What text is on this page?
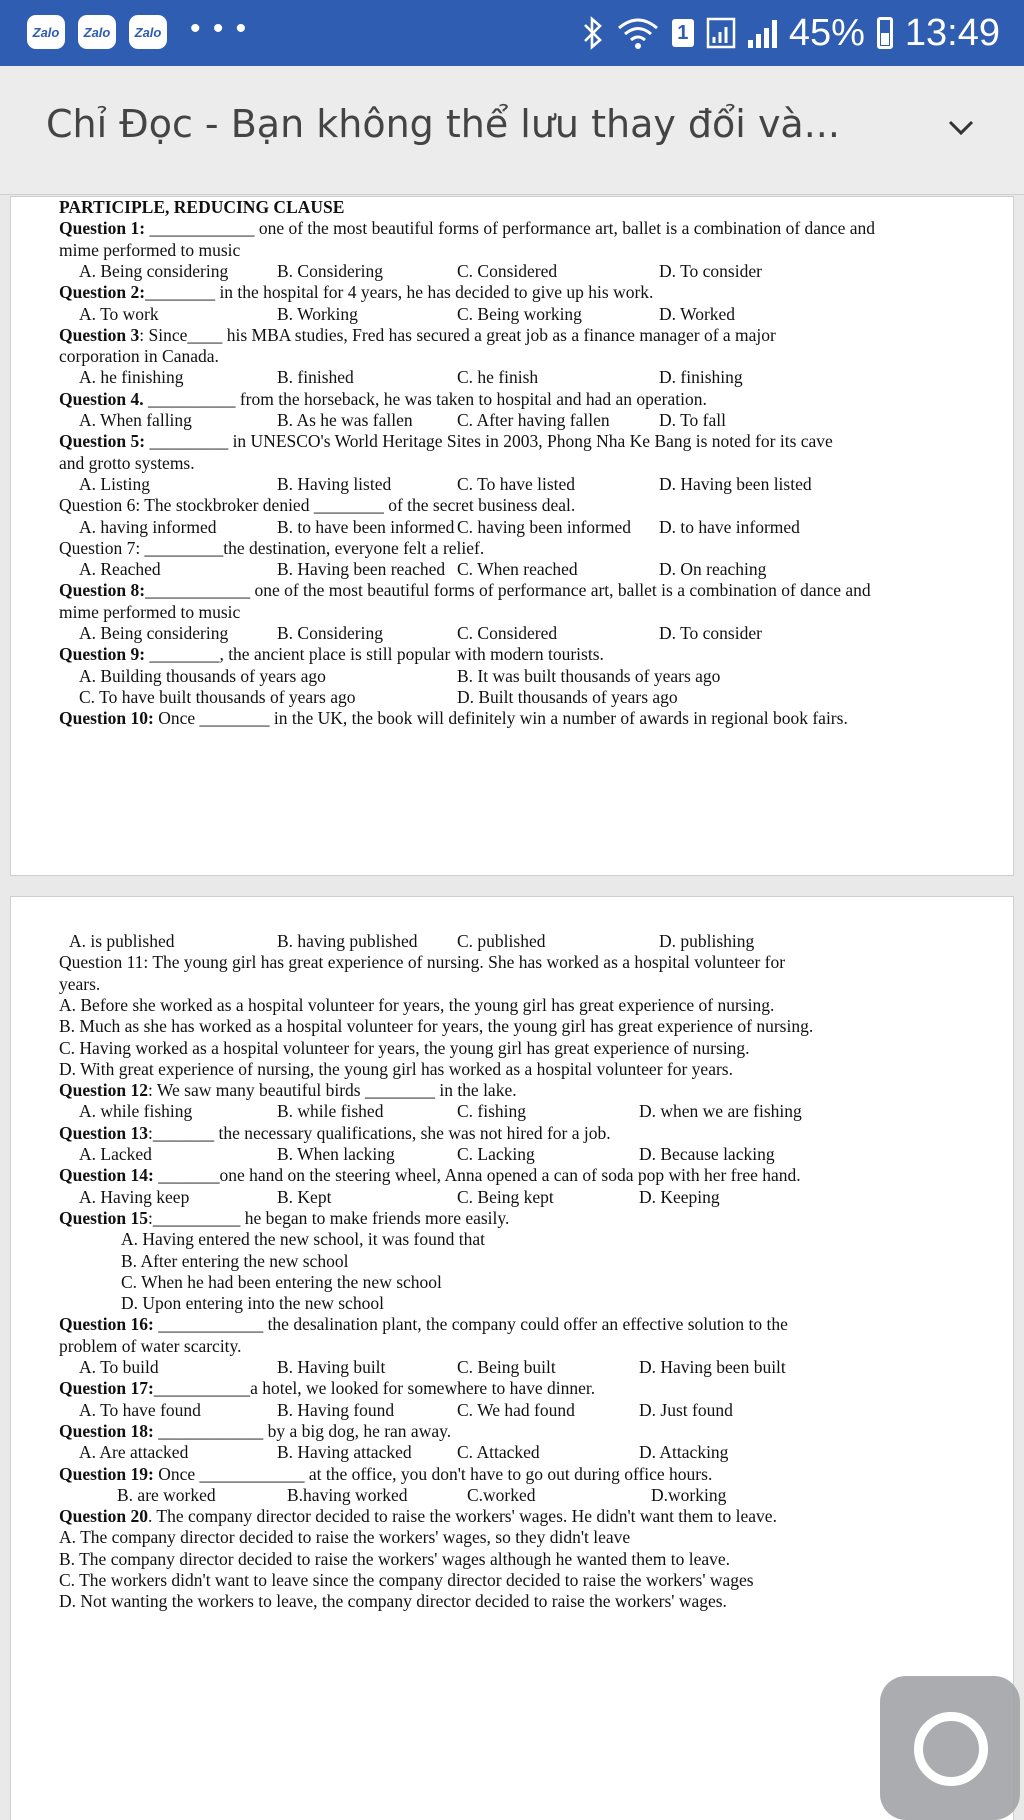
Zalo	Zalo	Zalo • • •	1	45% 13:49
Chỉ Đọc - Bạn không thể lưu thay đổi và...
PARTICIPLE, REDUCING CLAUSE
Question 1: ____________ one of the most beautiful forms of performance art, ballet is a combination of dance and
mime performed to music
A. Being considering	B. Considering	C. Considered	D. To consider
Question 2:________ in the hospital for 4 years, he has decided to give up his work.
A. To work	B. Working	C. Being working	D. Worked
Question 3: Since____ his MBA studies, Fred has secured a great job as a finance manager of a major
corporation in Canada.
A. he finishing	B. finished	C. he finish	D. finishing
Question 4. __________ from the horseback, he was taken to hospital and had an operation.
A. When falling	B. As he was fallen	C. After having fallen	D. To fall
Question 5: _________ in UNESCO's World Heritage Sites in 2003, Phong Nha Ke Bang is noted for its cave
and grotto systems.
A. Listing	B. Having listed	C. To have listed	D. Having been listed
Question 6: The stockbroker denied ________ of the secret business deal.
A. having informed	B. to have been informed C. having been informed D. to have informed
Question 7: _________the destination, everyone felt a relief.
A. Reached	B. Having been reached C. When reached	D. On reaching
Question 8:____________ one of the most beautiful forms of performance art, ballet is a combination of dance and
mime performed to music
A. Being considering	B. Considering	C. Considered	D. To consider
Question 9: ________, the ancient place is still popular with modern tourists.
A. Building thousands of years ago	B. It was built thousands of years ago
C. To have built thousands of years ago	D. Built thousands of years ago
Question 10: Once ________ in the UK, the book will definitely win a number of awards in regional book fairs.
A. is published	B. having published C. published	D. publishing
Question 11: The young girl has great experience of nursing. She has worked as a hospital volunteer for
years.
A. Before she worked as a hospital volunteer for years, the young girl has great experience of nursing.
B. Much as she has worked as a hospital volunteer for years, the young girl has great experience of nursing.
C. Having worked as a hospital volunteer for years, the young girl has great experience of nursing.
D. With great experience of nursing, the young girl has worked as a hospital volunteer for years.
Question 12: We saw many beautiful birds ________ in the lake.
A. while fishing	B. while fished	C. fishing	D. when we are fishing
Question 13:_______ the necessary qualifications, she was not hired for a job.
A. Lacked	B. When lacking	C. Lacking	D. Because lacking
Question 14: _______one hand on the steering wheel, Anna opened a can of soda pop with her free hand.
A. Having keep	B. Kept	C. Being kept	D. Keeping
Question 15:__________ he began to make friends more easily.
A. Having entered the new school, it was found that
B. After entering the new school
C. When he had been entering the new school
D. Upon entering into the new school
Question 16: ____________ the desalination plant, the company could offer an effective solution to the
problem of water scarcity.
A. To build	B. Having built	C. Being built	D. Having been built
Question 17:___________a hotel, we looked for somewhere to have dinner.
A. To have found	B. Having found	C. We had found	D. Just found
Question 18: ____________ by a big dog, he ran away.
A. Are attacked	B. Having attacked	C. Attacked	D. Attacking
Question 19: Once ____________ at the office, you don't have to go out during office hours.
B. are worked	B.having worked	C.worked	D.working
Question 20. The company director decided to raise the workers' wages. He didn't want them to leave.
A. The company director decided to raise the workers' wages, so they didn't leave
B. The company director decided to raise the workers' wages although he wanted them to leave.
C. The workers didn't want to leave since the company director decided to raise the workers' wages
D. Not wanting the workers to leave, the company director decided to raise the workers' wages.
